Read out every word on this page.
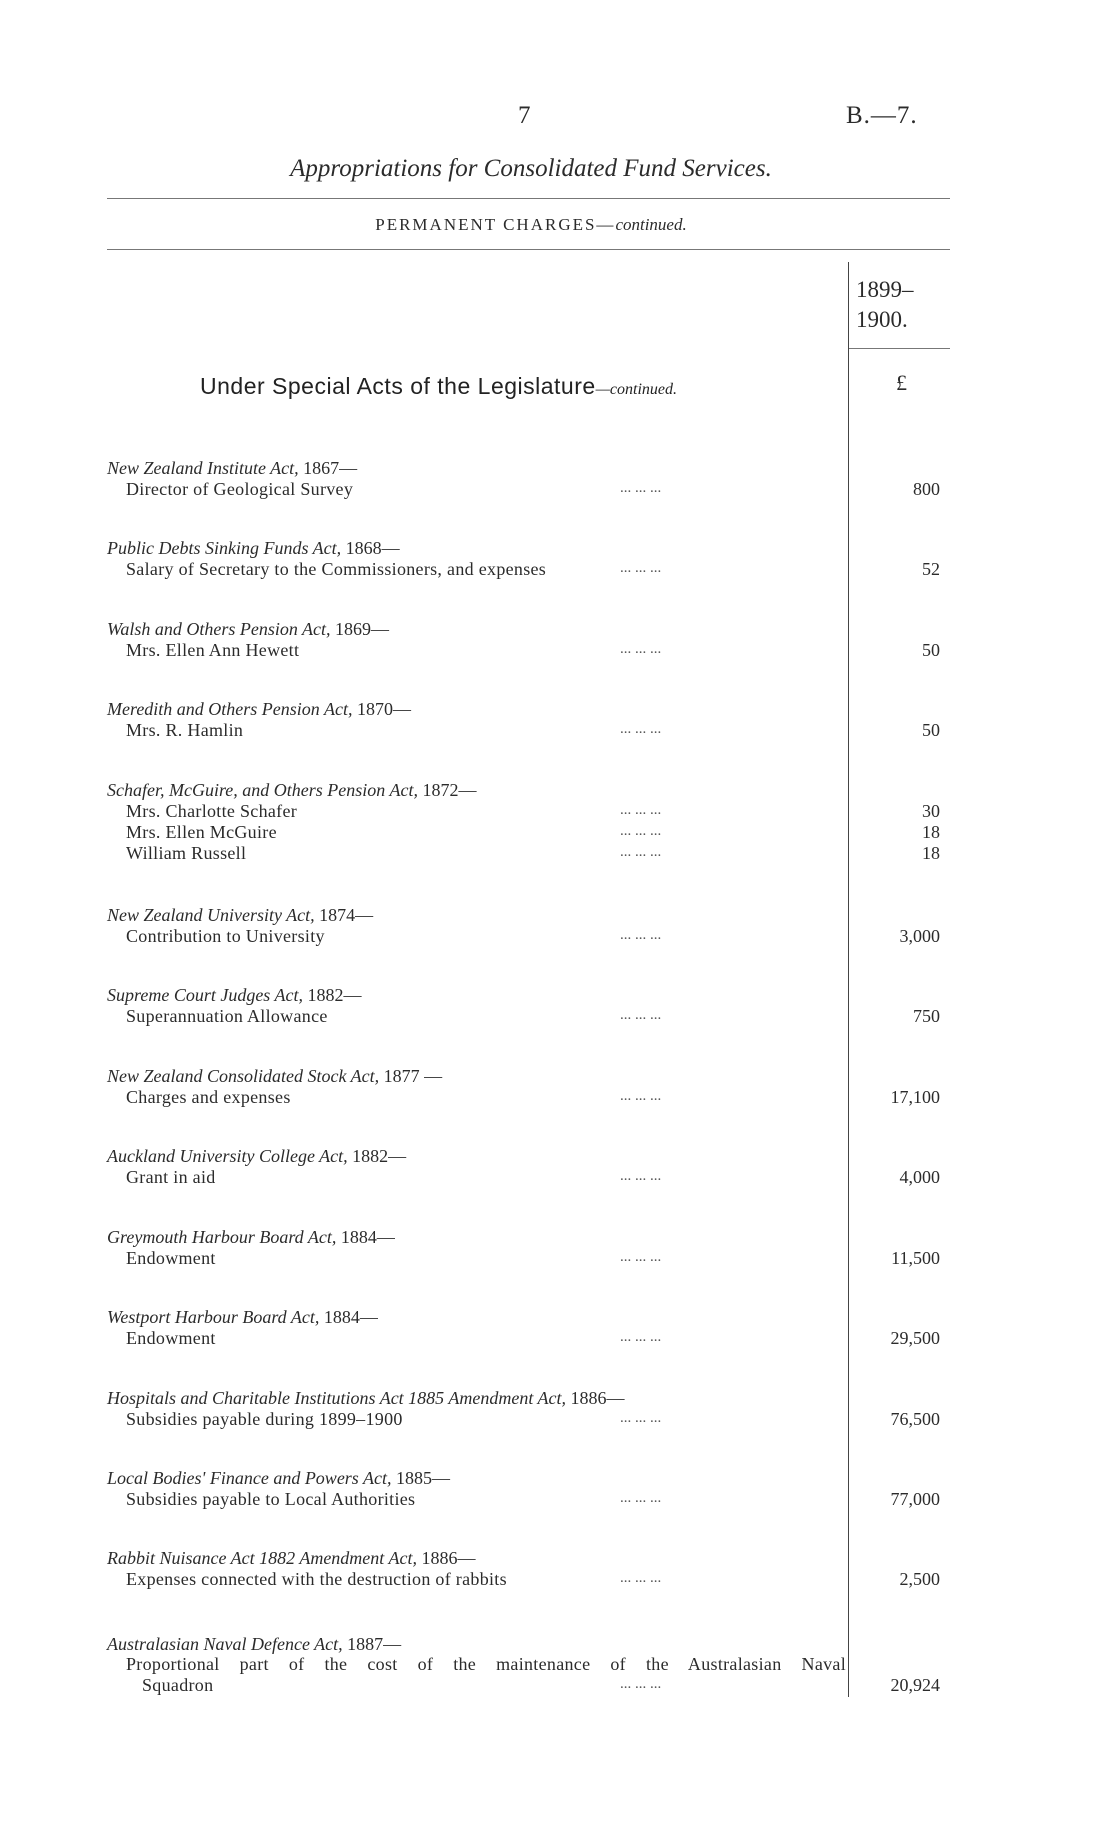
7	B.—7.
Appropriations for Consolidated Fund Services.
PERMANENT CHARGES—continued.
1899–
1900.
£
Under Special Acts of the Legislature—continued.
New Zealand Institute Act, 1867—
Director of Geological Survey	... ... ...	800
Public Debts Sinking Funds Act, 1868—
Salary of Secretary to the Commissioners, and expenses	... ... ...	52
Walsh and Others Pension Act, 1869—
Mrs. Ellen Ann Hewett	... ... ...	50
Meredith and Others Pension Act, 1870—
Mrs. R. Hamlin	... ... ...	50
Schafer, McGuire, and Others Pension Act, 1872—
Mrs. Charlotte Schafer	... ... ...	30
Mrs. Ellen McGuire	... ... ...	18
William Russell	... ... ...	18
New Zealand University Act, 1874—
Contribution to University	... ... ...	3,000
Supreme Court Judges Act, 1882—
Superannuation Allowance	... ... ...	750
New Zealand Consolidated Stock Act, 1877 —
Charges and expenses	... ... ...	17,100
Auckland University College Act, 1882—
Grant in aid	... ... ...	4,000
Greymouth Harbour Board Act, 1884—
Endowment	... ... ...	11,500
Westport Harbour Board Act, 1884—
Endowment	... ... ...	29,500
Hospitals and Charitable Institutions Act 1885 Amendment Act, 1886—
Subsidies payable during 1899–1900	... ... ...	76,500
Local Bodies' Finance and Powers Act, 1885—
Subsidies payable to Local Authorities	... ... ...	77,000
Rabbit Nuisance Act 1882 Amendment Act, 1886—
Expenses connected with the destruction of rabbits	... ... ...	2,500
Australasian Naval Defence Act, 1887—
Proportional part of the cost of the maintenance of the Australasian Naval
Squadron	... ... ...	20,924
